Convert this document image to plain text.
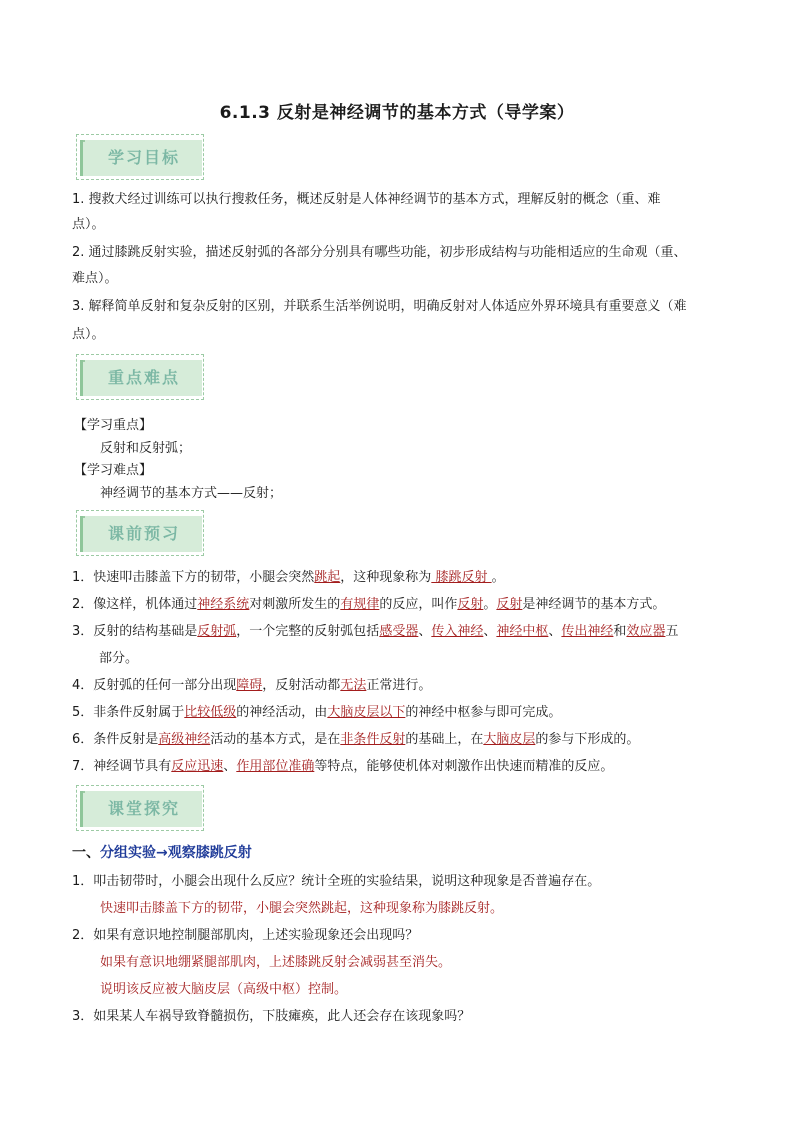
6.1.3 反射是神经调节的基本方式（导学案）
学习目标
1. 搜救犬经过训练可以执行搜救任务，概述反射是人体神经调节的基本方式，理解反射的概念（重、难
点）。
2. 通过膝跳反射实验，描述反射弧的各部分分别具有哪些功能，初步形成结构与功能相适应的生命观（重、
难点）。
3. 解释简单反射和复杂反射的区别，并联系生活举例说明，明确反射对人体适应外界环境具有重要意义（难
点）。
重点难点
【学习重点】
反射和反射弧；
【学习难点】
神经调节的基本方式——反射；
课前预习
1．快速叩击膝盖下方的韧带，小腿会突然跳起，这种现象称为 膝跳反射 。
2．像这样，机体通过神经系统对刺激所发生的有规律的反应，叫作反射。反射是神经调节的基本方式。
3．反射的结构基础是反射弧，一个完整的反射弧包括感受器、传入神经、神经中枢、传出神经和效应器五
部分。
4．反射弧的任何一部分出现障碍，反射活动都无法正常进行。
5．非条件反射属于比较低级的神经活动，由大脑皮层以下的神经中枢参与即可完成。
6．条件反射是高级神经活动的基本方式，是在非条件反射的基础上，在大脑皮层的参与下形成的。
7．神经调节具有反应迅速、作用部位准确等特点，能够使机体对刺激作出快速而精准的反应。
课堂探究
一、分组实验→观察膝跳反射
1．叩击韧带时，小腿会出现什么反应？统计全班的实验结果，说明这种现象是否普遍存在。
快速叩击膝盖下方的韧带，小腿会突然跳起，这种现象称为膝跳反射。
2．如果有意识地控制腿部肌肉，上述实验现象还会出现吗？
如果有意识地绷紧腿部肌肉，上述膝跳反射会减弱甚至消失。
说明该反应被大脑皮层（高级中枢）控制。
3．如果某人车祸导致脊髓损伤，下肢瘫痪，此人还会存在该现象吗？
